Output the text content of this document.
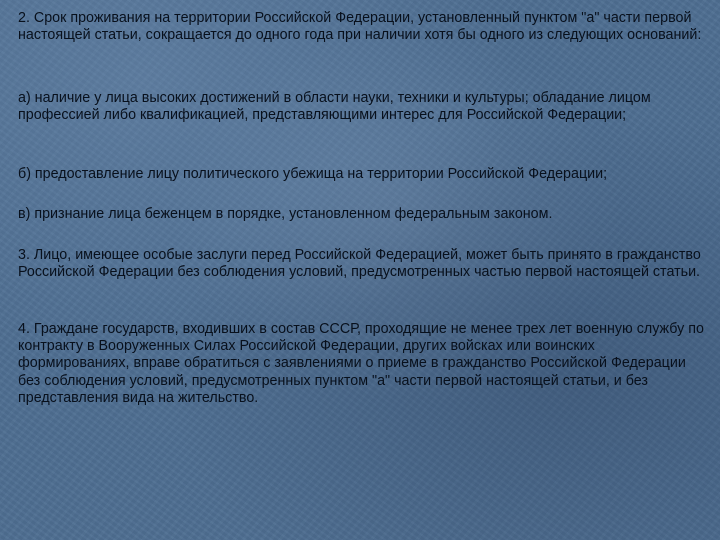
2. Срок проживания на территории Российской Федерации, установленный пунктом "а" части первой настоящей статьи, сокращается до одного года при наличии хотя бы одного из следующих оснований:

а) наличие у лица высоких достижений в области науки, техники и культуры; обладание лицом профессией либо квалификацией, представляющими интерес для Российской Федерации;

б) предоставление лицу политического убежища на территории Российской Федерации;

в) признание лица беженцем в порядке, установленном федеральным законом.

3. Лицо, имеющее особые заслуги перед Российской Федерацией, может быть принято в гражданство Российской Федерации без соблюдения условий, предусмотренных частью первой настоящей статьи.

4. Граждане государств, входивших в состав СССР, проходящие не менее трех лет военную службу по контракту в Вооруженных Силах Российской Федерации, других войсках или воинских формированиях, вправе обратиться с заявлениями о приеме в гражданство Российской Федерации без соблюдения условий, предусмотренных пунктом "а" части первой настоящей статьи, и без представления вида на жительство.
